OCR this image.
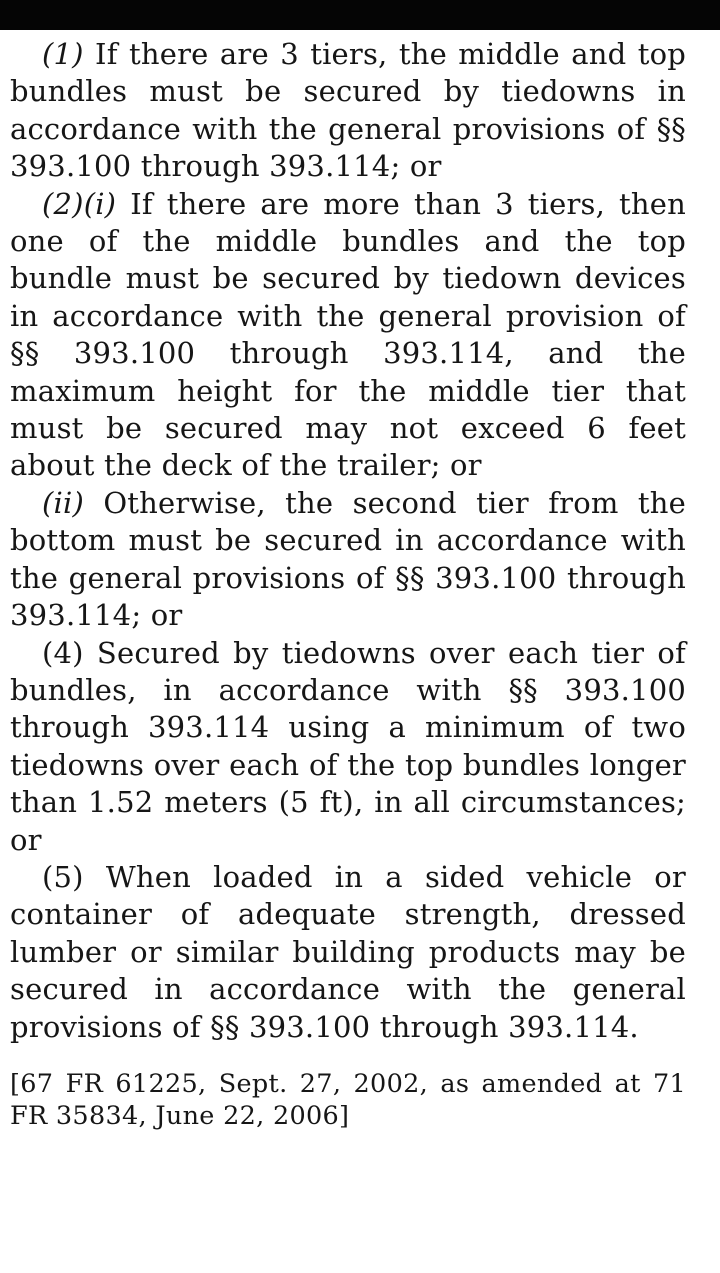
(1) If there are 3 tiers, the middle and top bundles must be secured by tiedowns in accordance with the general provisions of §§ 393.100 through 393.114; or

(2)(i) If there are more than 3 tiers, then one of the middle bundles and the top bundle must be secured by tiedown devices in accordance with the general provision of §§ 393.100 through 393.114, and the maximum height for the middle tier that must be secured may not exceed 6 feet about the deck of the trailer; or

(ii) Otherwise, the second tier from the bottom must be secured in accordance with the general provisions of §§ 393.100 through 393.114; or

(4) Secured by tiedowns over each tier of bundles, in accordance with §§ 393.100 through 393.114 using a minimum of two tiedowns over each of the top bundles longer than 1.52 meters (5 ft), in all circumstances; or

(5) When loaded in a sided vehicle or container of adequate strength, dressed lumber or similar building products may be secured in accordance with the general provisions of §§ 393.100 through 393.114.

[67 FR 61225, Sept. 27, 2002, as amended at 71 FR 35834, June 22, 2006]
